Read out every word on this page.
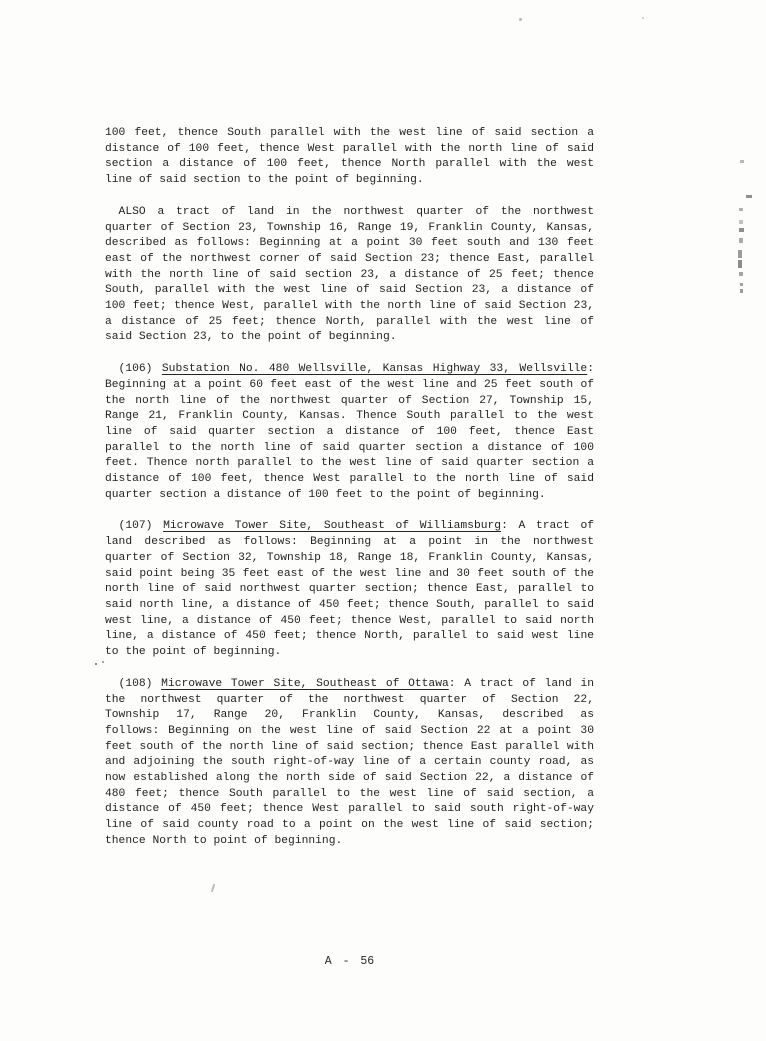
100 feet, thence South parallel with the west line of said section a
distance of 100 feet, thence West parallel with the north line of said
section a distance of 100 feet, thence North parallel with the west
line of said section to the point of beginning.
ALSO a tract of land in the northwest quarter of the northwest
quarter of Section 23, Township 16, Range 19, Franklin County, Kansas,
described as follows: Beginning at a point 30 feet south and 130 feet
east of the northwest corner of said Section 23; thence East, parallel
with the north line of said section 23, a distance of 25 feet; thence
South, parallel with the west line of said Section 23, a distance of
100 feet; thence West, parallel with the north line of said Section 23,
a distance of 25 feet; thence North, parallel with the west line of
said Section 23, to the point of beginning.
(106) Substation No. 480 Wellsville, Kansas Highway 33, Wellsville:
Beginning at a point 60 feet east of the west line and 25 feet south of
the north line of the northwest quarter of Section 27, Township 15,
Range 21, Franklin County, Kansas. Thence South parallel to the west
line of said quarter section a distance of 100 feet, thence East
parallel to the north line of said quarter section a distance of 100
feet. Thence north parallel to the west line of said quarter section a
distance of 100 feet, thence West parallel to the north line of said
quarter section a distance of 100 feet to the point of beginning.
(107) Microwave Tower Site, Southeast of Williamsburg: A tract of
land described as follows: Beginning at a point in the northwest
quarter of Section 32, Township 18, Range 18, Franklin County, Kansas,
said point being 35 feet east of the west line and 30 feet south of the
north line of said northwest quarter section; thence East, parallel to
said north line, a distance of 450 feet; thence South, parallel to said
west line, a distance of 450 feet; thence West, parallel to said north
line, a distance of 450 feet; thence North, parallel to said west line
to the point of beginning.
(108) Microwave Tower Site, Southeast of Ottawa: A tract of land in
the northwest quarter of the northwest quarter of Section 22,
Township 17, Range 20, Franklin County, Kansas, described as
follows: Beginning on the west line of said Section 22 at a point 30
feet south of the north line of said section; thence East parallel with
and adjoining the south right-of-way line of a certain county road, as
now established along the north side of said Section 22, a distance of
480 feet; thence South parallel to the west line of said section, a
distance of 450 feet; thence West parallel to said south right-of-way
line of said county road to a point on the west line of said section;
thence North to point of beginning.
A - 56
